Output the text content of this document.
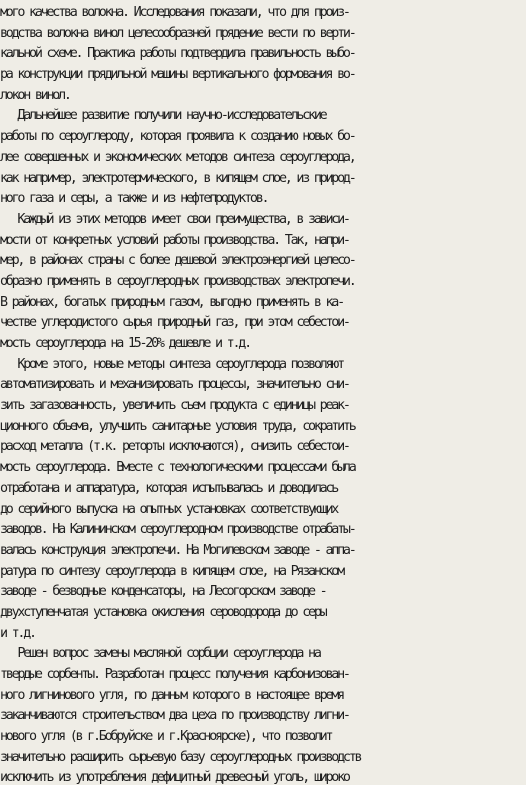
мого качества волокна. Исследования показали, что для произ-
водства волокна винол целесообразней прядение вести по верти-
кальной схеме. Практика работы подтвердила правильность выбо-
ра конструкции прядильной машины вертикального формования во-
локон винол.
Дальнейшее развитие получили научно-исследовательские
работы по сероуглероду, которая проявила к созданию новых бо-
лее совершенных и экономических методов синтеза сероуглерода,
как например, электротермического, в кипящем слое, из природ-
ного газа и серы, а также и из нефтепродуктов.
Каждый из этих методов имеет свои преимущества, в зависи-
мости от конкретных условий работы производства. Так, напри-
мер, в районах страны с более дешевой электроэнергией целесо-
образно применять в сероуглеродных производствах электропечи.
В районах, богатых природным газом, выгодно применять в ка-
честве углеродистого сырья природный газ, при этом себестои-
мость сероуглерода на 15-20% дешевле и т.д.
Кроме этого, новые методы синтеза сероуглерода позволяют
автоматизировать и механизировать процессы, значительно сни-
зить загазованность, увеличить съем продукта с единицы реак-
ционного объема, улучшить санитарные условия труда, сократить
расход металла (т.к. реторты исключаются), снизить себестои-
мость сероуглерода. Вместе с технологическими процессами была
отработана и аппаратура, которая испытывалась и доводилась
до серийного выпуска на опытных установках соответствующих
заводов. На Калининском сероуглеродном производстве отрабаты-
валась конструкция электропечи. На Могилевском заводе - аппа-
ратура по синтезу сероуглерода в кипящем слое, на Рязанском
заводе - безводные конденсаторы, на Лесогорском заводе -
двухступенчатая установка окисления сероводорода до серы
и т.д.
Решен вопрос замены масляной сорбции сероуглерода на
твердые сорбенты. Разработан процесс получения карбонизован-
ного лигнинового угля, по данным которого в настоящее время
заканчиваются строительством два цеха по производству лигни-
нового угля (в г.Бобруйске и г.Красноярске), что позволит
значительно расширить сырьевую базу сероуглеродных производств
исключить из употребления дефицитный древесный уголь, широко
